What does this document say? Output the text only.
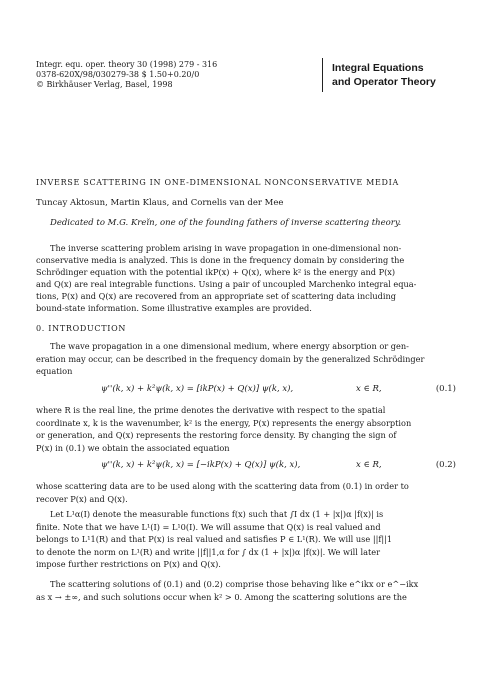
Integr. equ. oper. theory 30 (1998) 279 - 316
0378-620X/98/030279-38 $ 1.50+0.20/0
© Birkhäuser Verlag, Basel, 1998
Integral Equations
and Operator Theory
INVERSE SCATTERING IN ONE-DIMENSIONAL NONCONSERVATIVE MEDIA
Tuncay Aktosun, Martin Klaus, and Cornelis van der Mee
Dedicated to M.G. Kreĭn, one of the founding fathers of inverse scattering theory.
The inverse scattering problem arising in wave propagation in one-dimensional non-
conservative media is analyzed. This is done in the frequency domain by considering the
Schrödinger equation with the potential ikP(x) + Q(x), where k² is the energy and P(x)
and Q(x) are real integrable functions. Using a pair of uncoupled Marchenko integral equa-
tions, P(x) and Q(x) are recovered from an appropriate set of scattering data including
bound-state information. Some illustrative examples are provided.
0. INTRODUCTION
The wave propagation in a one dimensional medium, where energy absorption or gen-
eration may occur, can be described in the frequency domain by the generalized Schrödinger
equation
ψ''(k, x) + k²ψ(k, x) = [ikP(x) + Q(x)] ψ(k, x),	x ∈ R,	(0.1)
where R is the real line, the prime denotes the derivative with respect to the spatial
coordinate x, k is the wavenumber, k² is the energy, P(x) represents the energy absorption
or generation, and Q(x) represents the restoring force density. By changing the sign of
P(x) in (0.1) we obtain the associated equation
ψ''(k, x) + k²ψ(k, x) = [−ikP(x) + Q(x)] ψ(k, x),	x ∈ R,	(0.2)
whose scattering data are to be used along with the scattering data from (0.1) in order to
recover P(x) and Q(x).
Let L¹α(I) denote the measurable functions f(x) such that ∫I dx (1 + |x|)α |f(x)| is
finite. Note that we have L¹(I) = L¹0(I). We will assume that Q(x) is real valued and
belongs to L¹1(R) and that P(x) is real valued and satisfies P ∈ L¹(R). We will use ||f||1
to denote the norm on L¹(R) and write ||f||1,α for ∫ dx (1 + |x|)α |f(x)|. We will later
impose further restrictions on P(x) and Q(x).
The scattering solutions of (0.1) and (0.2) comprise those behaving like e^ikx or e^−ikx
as x → ±∞, and such solutions occur when k² > 0. Among the scattering solutions are the
